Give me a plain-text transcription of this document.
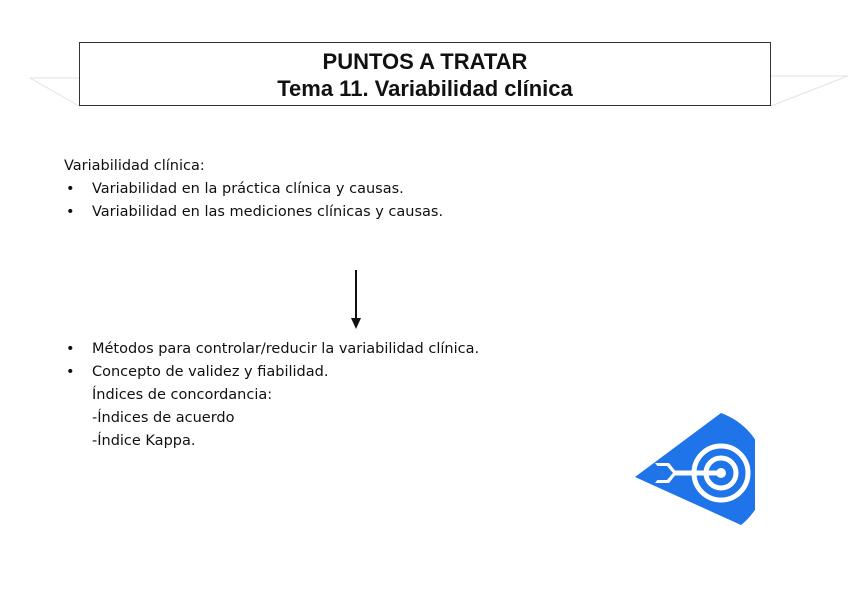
PUNTOS A TRATAR
Tema 11. Variabilidad clínica
Variabilidad clínica:
• Variabilidad en la práctica clínica y causas.
• Variabilidad en las mediciones clínicas y causas.
• Métodos para controlar/reducir la variabilidad clínica.
• Concepto de validez y fiabilidad.
Índices de concordancia:
-Índices de acuerdo
-Índice Kappa.
